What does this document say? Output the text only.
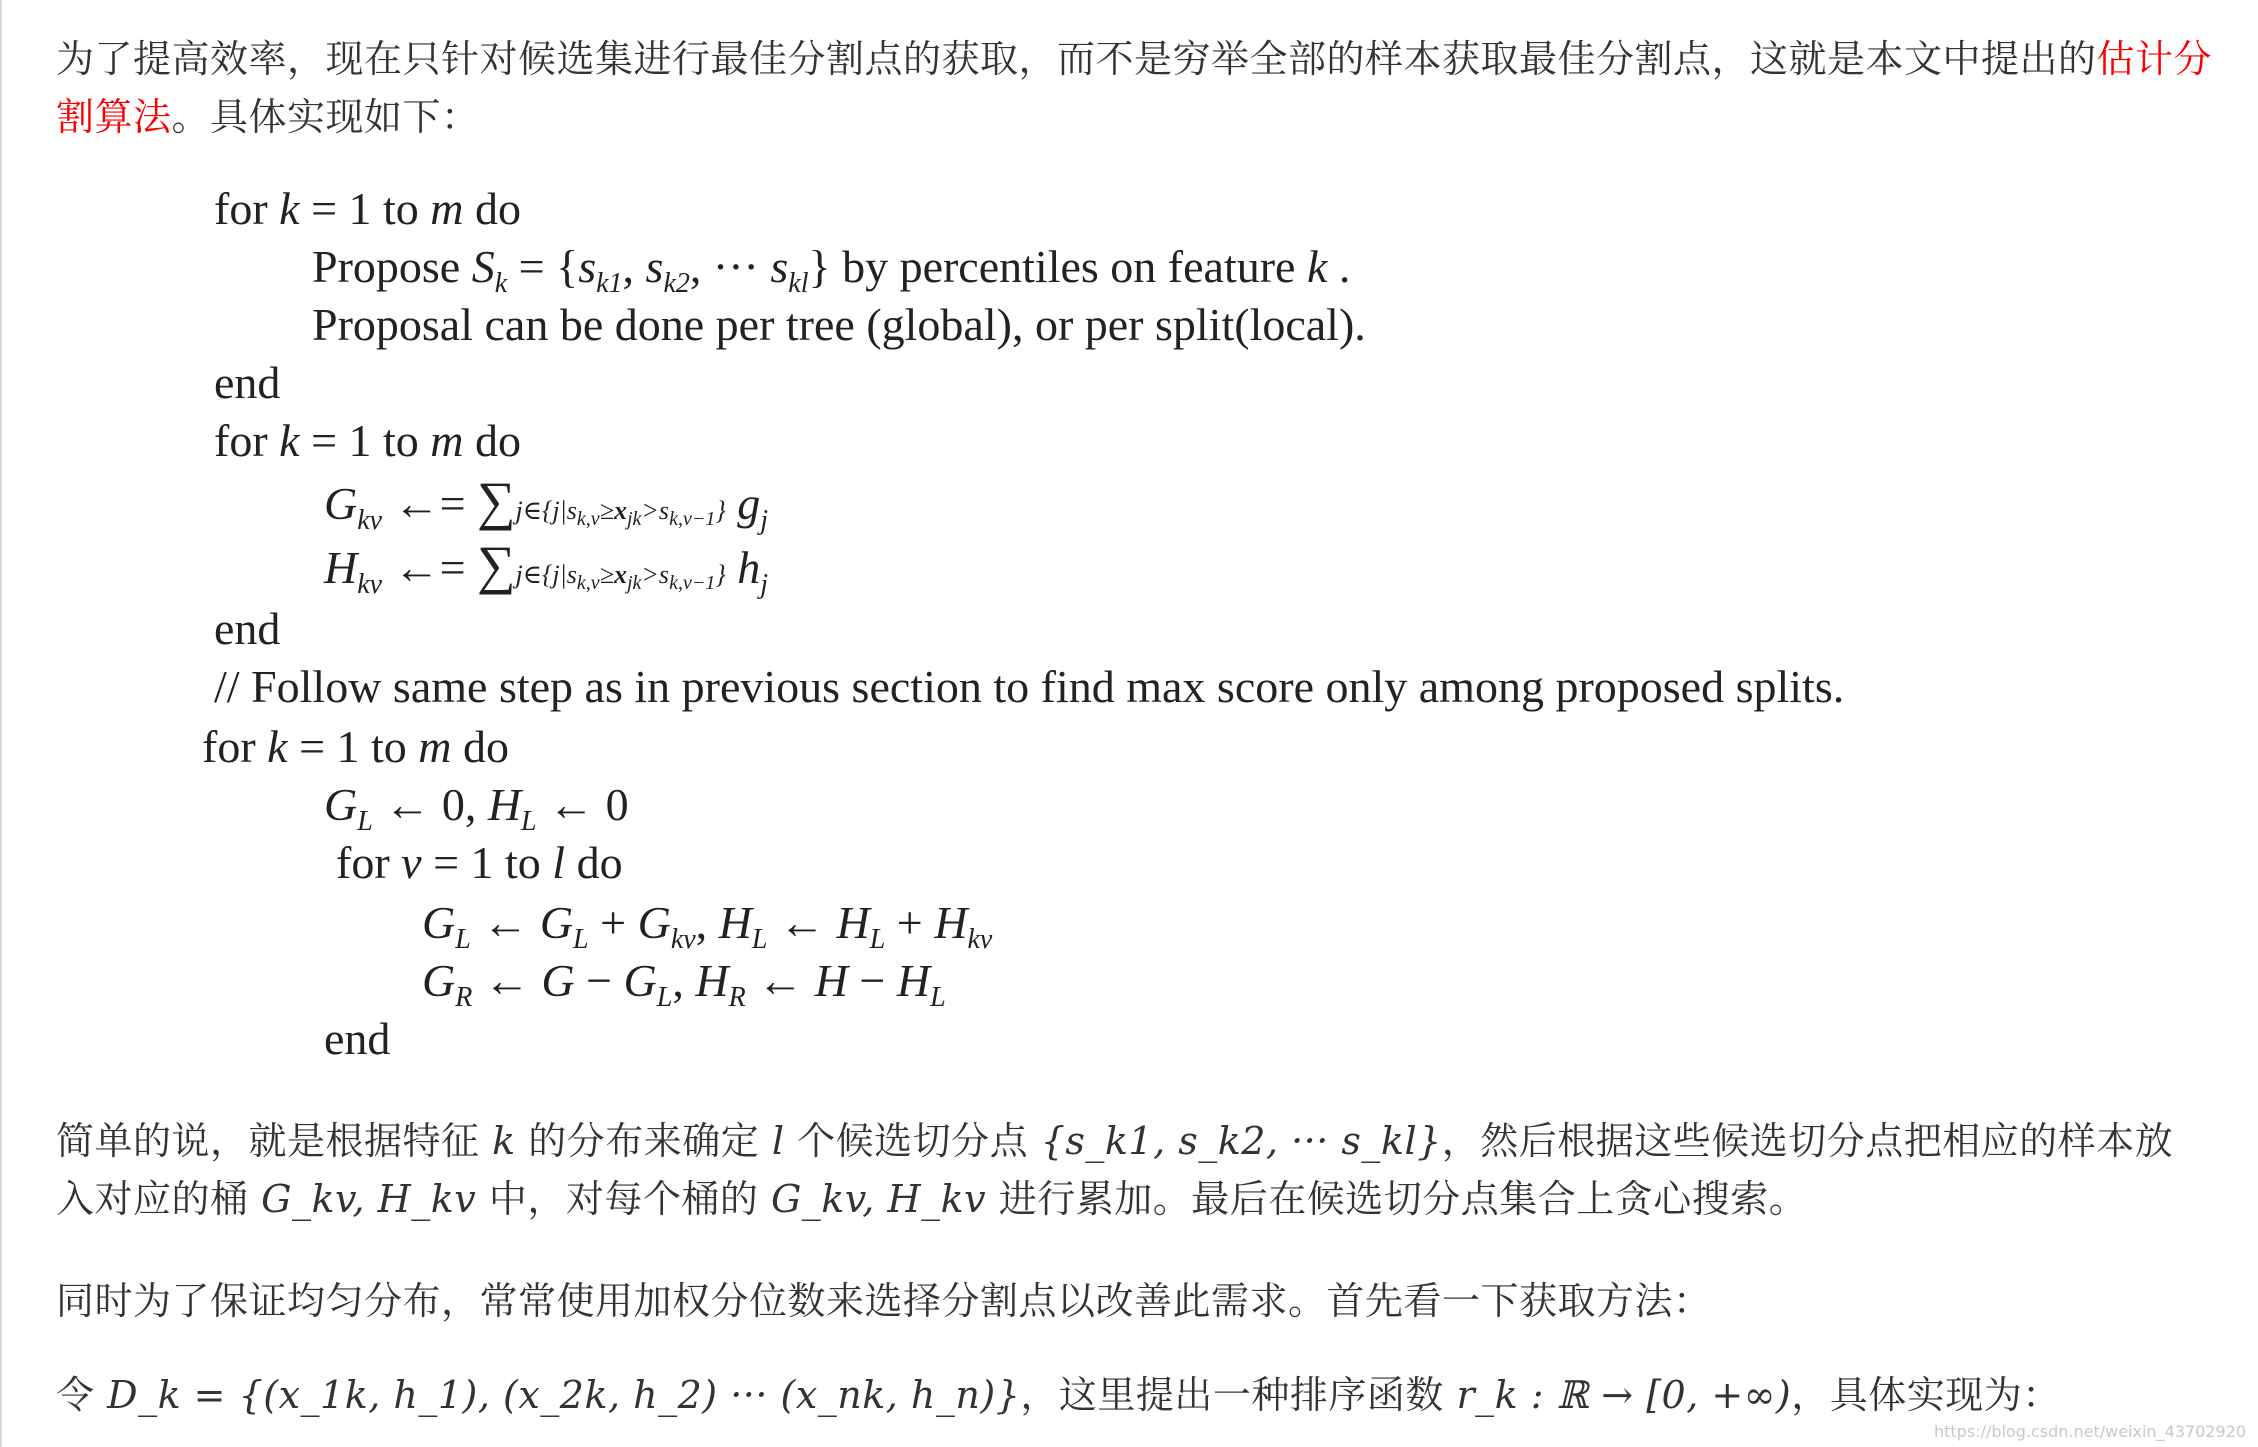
为了提高效率，现在只针对候选集进行最佳分割点的获取，而不是穷举全部的样本获取最佳分割点，这就是本文中提出的估计分割算法。具体实现如下：

for k = 1 to m do
Propose $S_k = \{s_{k1}$, $s_{k2}$, ··· $s_{kl}$} by percentiles on feature k .
Proposal can be done per tree (global), or per split(local).
end
for k = 1 to m do
$G_{kv}$ ←= $\sum j\in\{j|s_{k,v}\ge x_{jk}>s_{k,v-1}\}$ $g_j$
$H_{kv}$ ←= $\sum j\in\{j|s_{k,v}\ge x_{jk}>s_{k,v-1}\}$ $h_j$
end
// Follow same step as in previous section to find max score only among proposed splits.
for k = 1 to m do
$G_L$ ← 0, $H_L$ ← 0
for v = 1 to l do
$G_L$ ← $G_L + G_{kv}$, $H_L$ ← $H_L + H_{kv}$
$G_R$ ← $G - G_L$, $H_R$ ← $H - H_L$
end

简单的说，就是根据特征 k 的分布来确定 l 个候选切分点 {s_k1, s_k2, ··· s_kl}，然后根据这些候选切分点把相应的样本放
入对应的桶 G_kv, H_kv 中，对每个桶的 G_kv, H_kv 进行累加。最后在候选切分点集合上贪心搜索。

同时为了保证均匀分布，常常使用加权分位数来选择分割点以改善此需求。首先看一下获取方法：

令 D_k = {(x_1k, h_1), (x_2k, h_2) ··· (x_nk, h_n)}，这里提出一种排序函数 r_k : ℝ → [0, +∞)，具体实现为：

https://blog.csdn.net/weixin_43702920
